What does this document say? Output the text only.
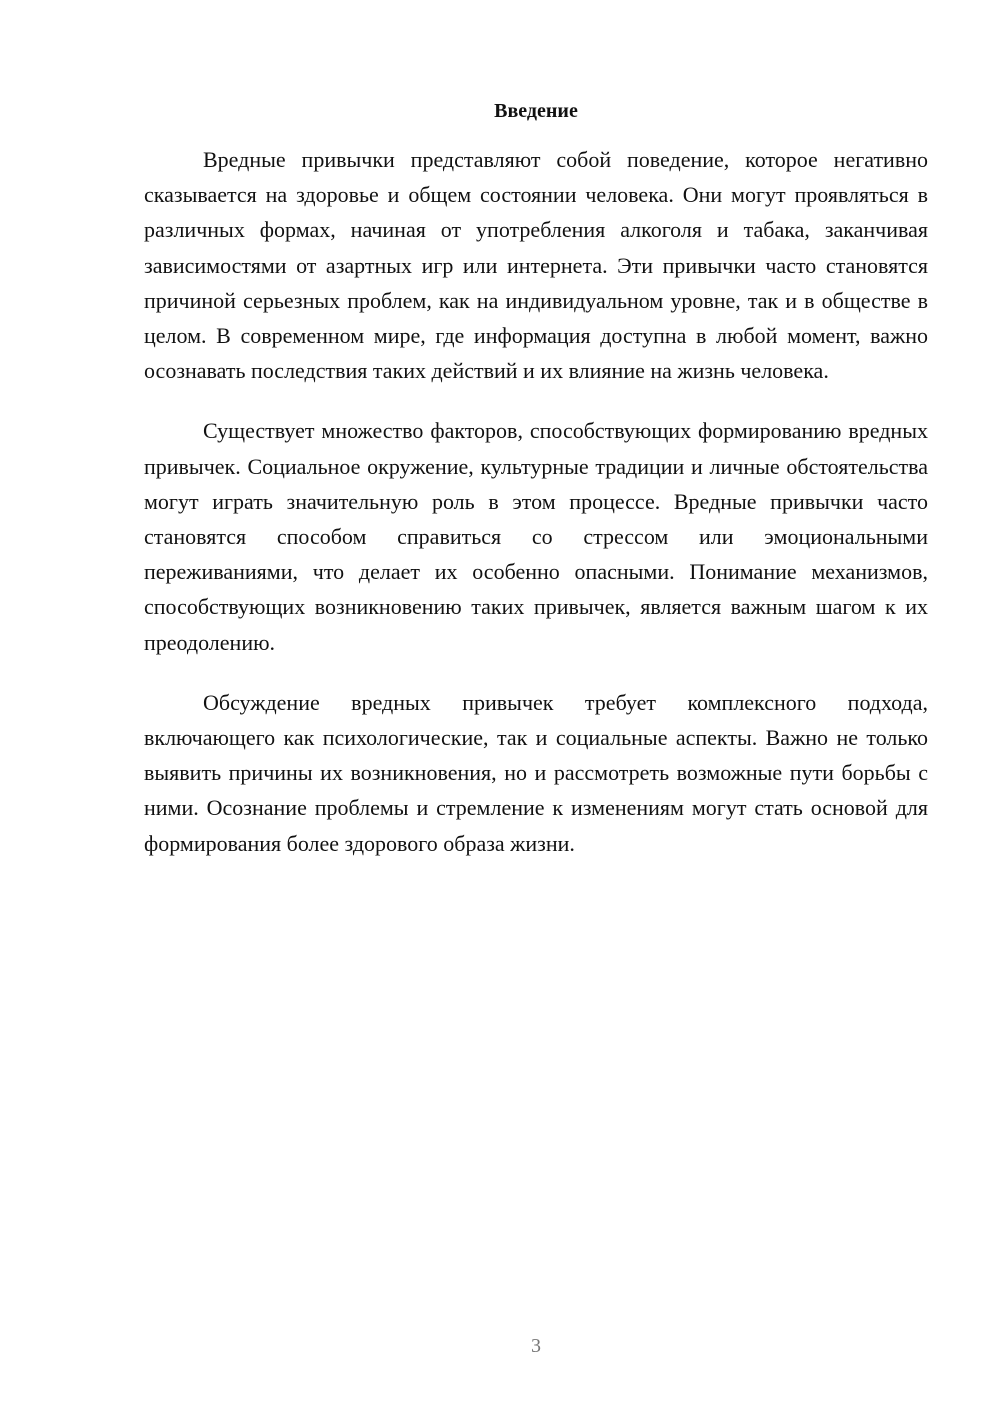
Введение

Вредные привычки представляют собой поведение, которое негативно сказывается на здоровье и общем состоянии человека. Они могут проявляться в различных формах, начиная от употребления алкоголя и табака, заканчивая зависимостями от азартных игр или интернета. Эти привычки часто становятся причиной серьезных проблем, как на индивидуальном уровне, так и в обществе в целом. В современном мире, где информация доступна в любой момент, важно осознавать последствия таких действий и их влияние на жизнь человека.

Существует множество факторов, способствующих формированию вредных привычек. Социальное окружение, культурные традиции и личные обстоятельства могут играть значительную роль в этом процессе. Вредные привычки часто становятся способом справиться со стрессом или эмоциональными переживаниями, что делает их особенно опасными. Понимание механизмов, способствующих возникновению таких привычек, является важным шагом к их преодолению.

Обсуждение вредных привычек требует комплексного подхода, включающего как психологические, так и социальные аспекты. Важно не только выявить причины их возникновения, но и рассмотреть возможные пути борьбы с ними. Осознание проблемы и стремление к изменениям могут стать основой для формирования более здорового образа жизни.

3
